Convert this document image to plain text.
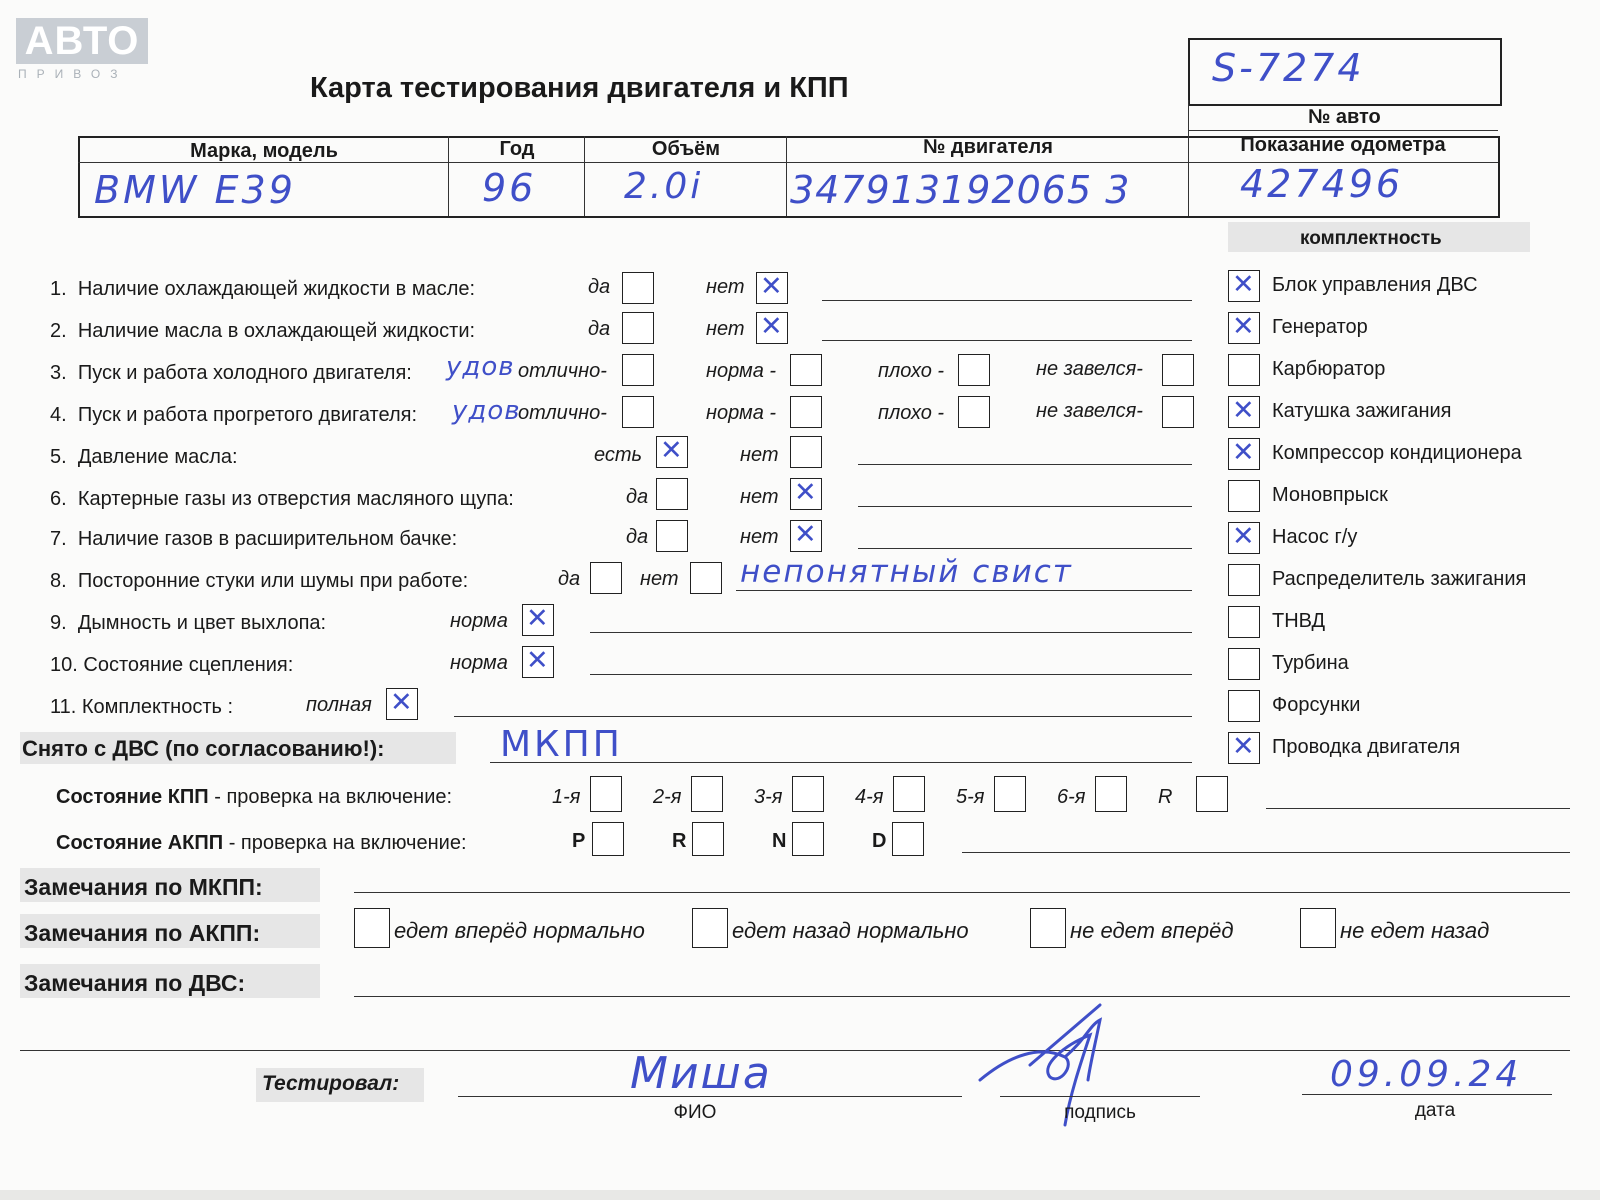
АВТО
ПРИВОЗ	Карта тестирования двигателя и КПП	S-7274
№ авто
Марка, модель	Год	Объём	№ двигателя	Показание одометра
BMW E39	96 2.0i 347913192065 3	427496
комплектность
✕
Блок управления ДВС
✕
Генератор
Карбюратор
✕
Катушка зажигания
✕
Компрессор кондиционера
Моновпрыск
✕
Насос г/у
Распределитель зажигания
ТНВД
Турбина
Форсунки
✕
Проводка двигателя
1. Наличие охлаждающей жидкости в масле:	да	нет
✕
2. Наличие масла в охлаждающей жидкости:	да	нет
✕
3. Пуск и работа холодного двигателя: удов отлично-	норма -	плохо -	не завелся-
4. Пуск и работа прогретого двигателя: удов
отлично-	норма -	плохо -	не завелся-
5. Давление масла:	есть
✕	нет
6. Картерные газы из отверстия масляного щупа:	да	нет
✕
7. Наличие газов в расширительном бачке:	да	нет
✕
8. Посторонние стуки или шумы при работе:	да	нет непонятный свист
9. Дымность и цвет выхлопа:	норма
✕
10. Состояние сцепления:	норма
✕
11. Комплектность :	полная
✕
Снято с ДВС (по согласованию!):	МКПП
Состояние КПП - проверка на включение:	1-я	2-я	3-я	4-я	5-я	6-я	R
Состояние АКПП - проверка на включение:	P	R	N	D
Замечания по МКПП:
Замечания по АКПП:	едет вперёд нормально	едет назад нормально	не едет вперёд	не едет назад
Замечания по ДВС:
Тестировал:	Миша
ФИО	подпись
09.09.24
дата
